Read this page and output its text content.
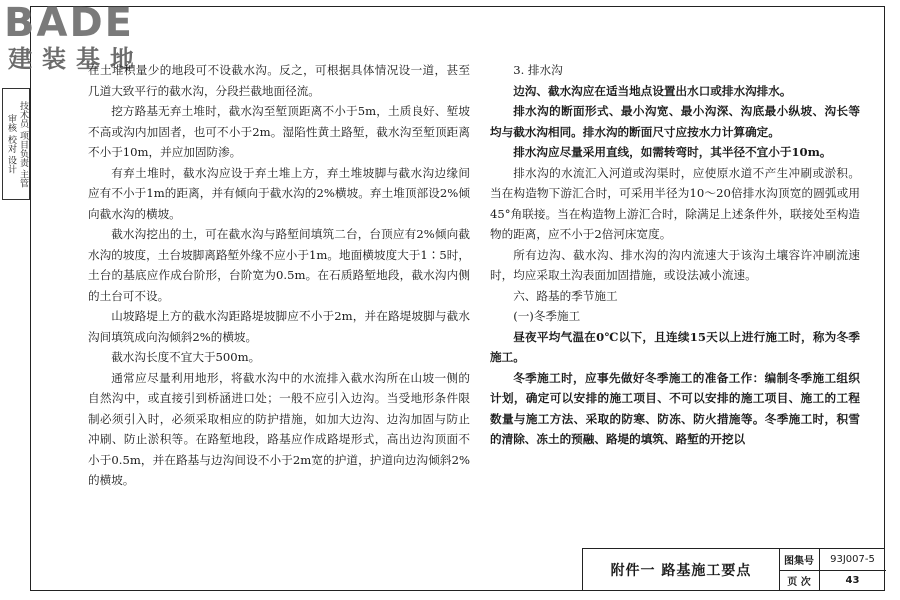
BADE
建装基地
审核 校对 设计 技术员 项目负责 主管

在土堆积量少的地段可不设截水沟。反之，可根据具体情况设一道，甚至几道大致平行的截水沟，分段拦截地面径流。

挖方路基无弃土堆时，截水沟至堑顶距离不小于5m，土质良好、堑坡不高或沟内加固者，也可不小于2m。湿陷性黄土路堑，截水沟至堑顶距离不小于10m，并应加固防渗。

有弃土堆时，截水沟应设于弃土堆上方，弃土堆坡脚与截水沟边缘间应有不小于1m的距离，并有倾向于截水沟的2%横坡。弃土堆顶部设2%倾向截水沟的横坡。

截水沟挖出的土，可在截水沟与路堑间填筑二台，台顶应有2%倾向截水沟的坡度，土台坡脚离路堑外缘不应小于1m。地面横坡度大于1∶5时，土台的基底应作成台阶形，台阶宽为0.5m。在石质路堑地段，截水沟内侧的土台可不设。

山坡路堤上方的截水沟距路堤坡脚应不小于2m，并在路堤坡脚与截水沟间填筑成向沟倾斜2%的横坡。

截水沟长度不宜大于500m。

通常应尽量利用地形，将截水沟中的水流排入截水沟所在山坡一侧的自然沟中，或直接引到桥涵进口处；一般不应引入边沟。当受地形条件限制必须引入时，必须采取相应的防护措施，如加大边沟、边沟加固与防止冲刷、防止淤积等。在路堑地段，路基应作成路堤形式，高出边沟顶面不小于0.5m，并在路基与边沟间设不小于2m宽的护道，护道向边沟倾斜2%的横坡。

3. 排水沟

边沟、截水沟应在适当地点设置出水口或排水沟排水。

排水沟的断面形式、最小沟宽、最小沟深、沟底最小纵坡、沟长等均与截水沟相同。排水沟的断面尺寸应按水力计算确定。

排水沟应尽量采用直线，如需转弯时，其半径不宜小于10m。

排水沟的水流汇入河道或沟渠时，应使原水道不产生冲刷或淤积。当在构造物下游汇合时，可采用半径为10～20倍排水沟顶宽的圆弧或用45°角联接。当在构造物上游汇合时，除满足上述条件外，联接处至构造物的距离，应不小于2倍河床宽度。

所有边沟、截水沟、排水沟的沟内流速大于该沟土壤容许冲刷流速时，均应采取土沟表面加固措施，或设法减小流速。

六、路基的季节施工

(一)冬季施工

昼夜平均气温在0℃以下，且连续15天以上进行施工时，称为冬季施工。

冬季施工时，应事先做好冬季施工的准备工作：编制冬季施工组织计划，确定可以安排的施工项目、不可以安排的施工项目、施工的工程数量与施工方法、采取的防寒、防冻、防火措施等。冬季施工时，积雪的清除、冻土的预融、路堤的填筑、路堑的开挖以

附件一 路基施工要点
图集号	93J007-5
页 次	43
